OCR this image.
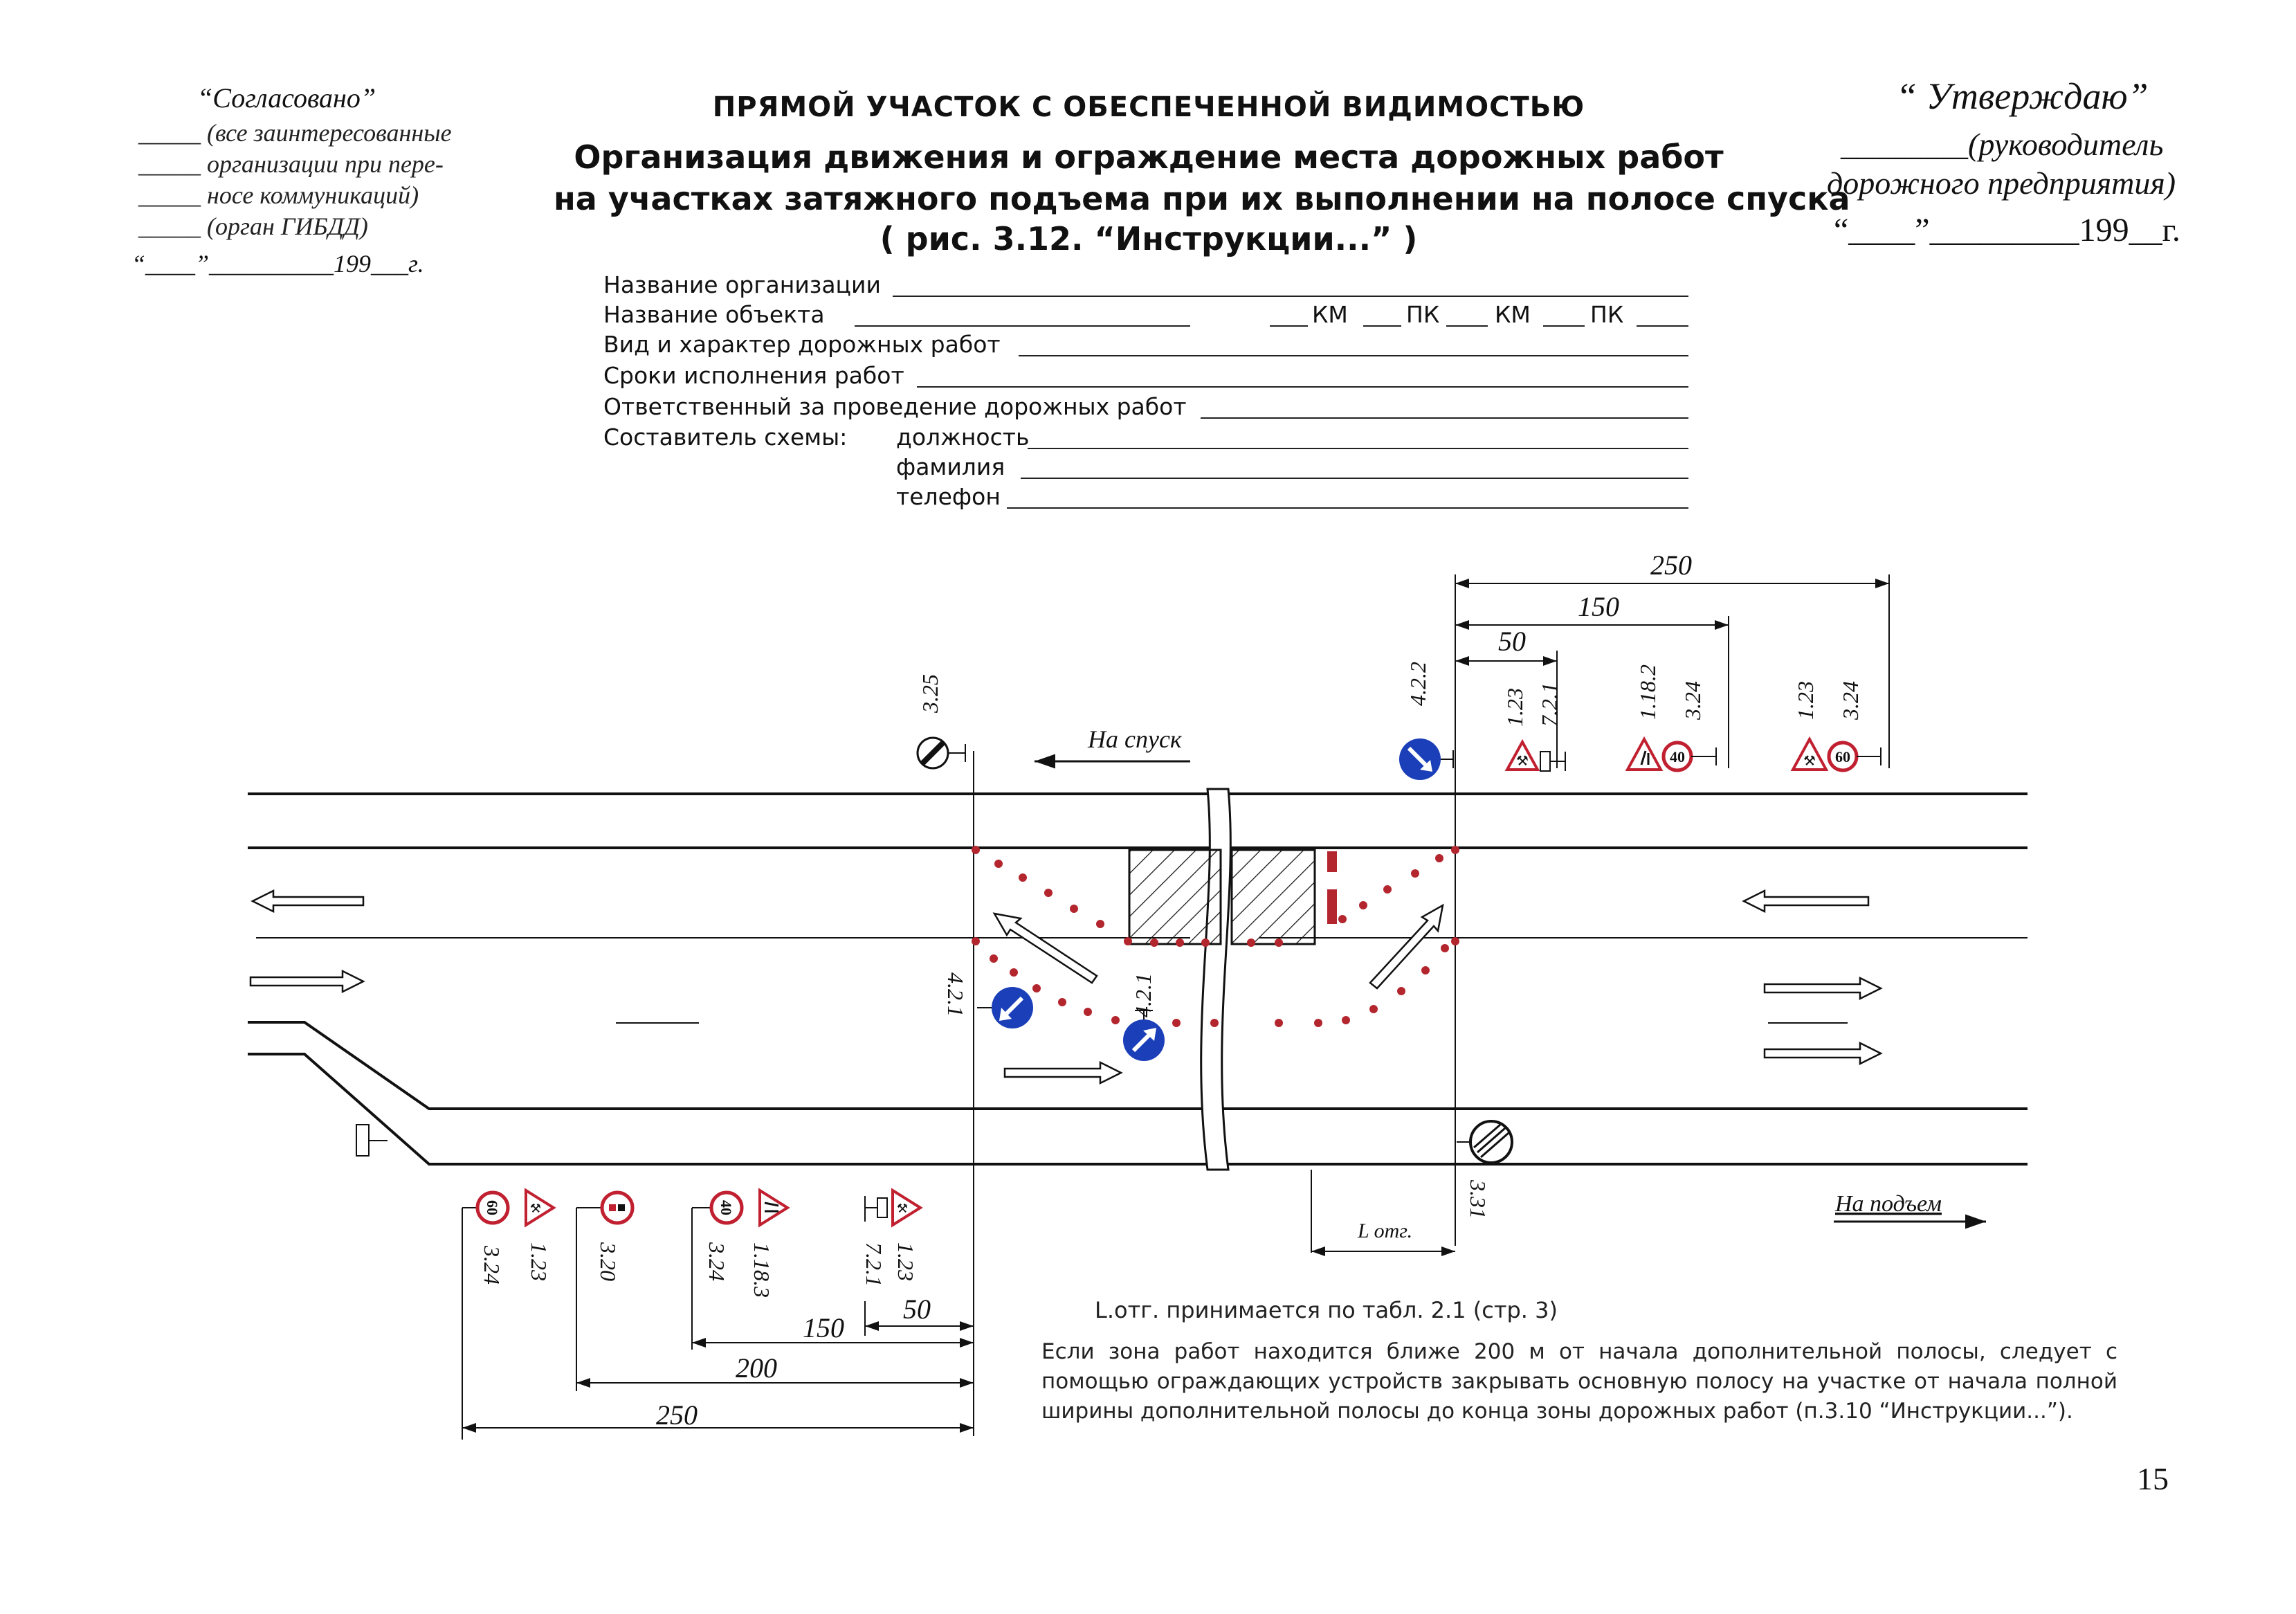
“Согласовано”
_____ (все заинтересованные
_____ организации при пере-
_____ носе коммуникаций)
_____ (орган ГИБДД)
“____”__________199___г.
“ Утверждаю”
________(руководитель
дорожного предприятия)
“____”_________199__г.
ПРЯМОЙ УЧАСТОК С ОБЕСПЕЧЕННОЙ ВИДИМОСТЬЮ
Организация движения и ограждение места дорожных работ
на участках затяжного подъема при их выполнении на полосе спуска
( рис. 3.12. “Инструкции...” )
Название организации
Название объекта	КМ	ПК КМ	ПК
Вид и характер дорожных работ
Сроки исполнения работ
Ответственный за проведение дорожных работ
Составитель схемы: должность
фамилия
телефон
⚒	40	⚒ 60
60 ⚒	40	⚒
3.25	4.2.2
1.23 7.2.1	1.18.2 3.24	1.23 3.24
4.2.1	4.2.1
3.24 1.23 3.20	3.24 1.18.3	1.23
7.2.1
3.31
250
150
50
250
200
150
50
L отг.
На спуск
На подъем
L.отг. принимается по табл. 2.1 (стр. 3)
Если зона работ находится ближе 200 м от начала дополнительной полосы, следует с помощью ограждающих устройств закрывать основную полосу на участке от начала полной ширины дополнительной полосы до конца зоны дорожных работ (п.3.10 “Инструкции...”).
15
